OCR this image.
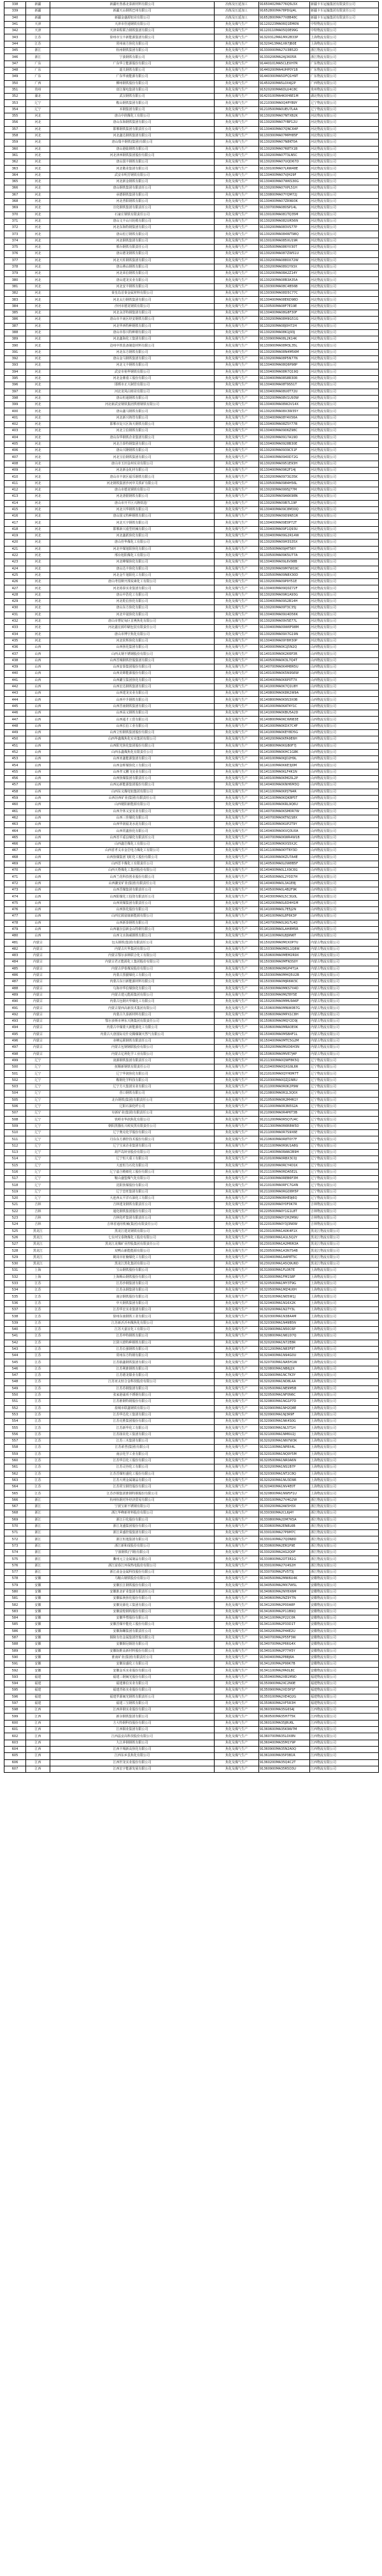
338	新疆	新疆吐鲁番北泰新材料有限公司	冶炼及压延加工	91650402MA776Q5L5X	新疆卡车运输集团有限责任公司
339	新疆	新疆天山钢铁巴州有限公司	冶炼及压延加工	91652800MA78PDGJ4L	新疆卡车运输集团有限责任公司
340	新疆	新疆金盛源铝业有限公司	冶炼及压延加工	91652800MA77X8B48C	新疆卡车运输集团有限责任公司
341	天津	天津市佳通钢铁有限公司	焦化及煤气生产	91120223MA06Q1EM0N	中特物流有限公司
342	天津	天津荣程联合钢铁集团有限公司	焦化及煤气生产	91120110MA05Q0E99G	中特物流有限公司
343	江苏	徐州市宝丰新能源集团有限公司	焦化及煤气生产	91320312MA1MX2B33P	上海物流有限公司
344	江苏	常州南方焦化有限公司	焦化及煤气生产	91320413MA1XR7JB0E	上海物流有限公司
345	浙江	杭州钢铁集团有限公司	焦化及煤气生产	91330000MA27U3B52D	浙江物流有限公司
346	浙江	宁波钢铁有限公司	焦化及煤气生产	91330206MA2AJ3K05R	浙江物流有限公司
347	广东	广东华立能源股份有限公司	焦化及煤气生产	91440101MA5CLEXH7R	广东物流有限公司
348	广东	韶关钢铁有限公司	焦化及煤气生产	91440200MA4UHP0Y1B	广东物流有限公司
349	广东	广东华南能源有限公司	焦化及煤气生产	91440300MA5DFQ1H9T	广东物流有限公司
350	广西	柳州钢铁股份有限公司	焦化及煤气生产	91450200MA5L0X4J2P	广西物流有限公司
351	贵州	盘江煤电集团有限公司	焦化及煤气生产	91520200MA6DLU4C8C	贵州物流有限公司
352	湖北	武汉钢铁有限公司	焦化及煤气生产	91420100MA4KXH6E1M	湖北物流有限公司
353	辽宁	鞍山钢铁集团有限公司	焦化及煤气生产	91210300MA0Q4PYB9Y	辽宁物流有限公司
354	辽宁	本钢集团有限公司	焦化及煤气生产	91210500MA0UEU7L4A	辽宁物流有限公司
355	河北	唐山中润煤化工有限公司	焦化及煤气生产	91130200MA07NTXB2K	河北物流有限公司
356	河北	唐山东海钢铁集团有限公司	焦化及煤气生产	91130200MA07YBP12U	河北物流有限公司
357	河北	邯郸钢铁集团有限责任公司	焦化及煤气生产	91130400MA07QNC64P	河北物流有限公司
358	河北	河北鑫达钢铁集团有限公司	焦化及煤气生产	91130300MA07MPH85F	河北物流有限公司
359	河北	唐山瑞丰钢铁(集团)有限公司	焦化及煤气生产	91130200MA07N8KT0A	河北物流有限公司
360	河北	唐山港陆钢铁有限公司	焦化及煤气生产	91130200MA07R8TX1B	河北物流有限公司
361	河北	河北津西钢铁集团股份有限公司	焦化及煤气生产	91130200MA07T3LN5C	河北物流有限公司
362	河北	唐山国丰钢铁有限公司	焦化及煤气生产	91130200MA07UQD67D	河北物流有限公司
363	河北	河北敬业集团有限公司	焦化及煤气生产	91130100MA07LRW48E	河北物流有限公司
364	河北	武安市明芳钢铁有限公司	焦化及煤气生产	91130400MA07VJH29F	河北物流有限公司
365	河北	河北新金钢铁有限公司	焦化及煤气生产	91130400MA07WKS30G	河北物流有限公司
366	河北	唐山钢铁集团有限责任公司	焦化及煤气生产	91130200MA07XPL51H	河北物流有限公司
367	河北	承德钢铁集团有限公司	焦化及煤气生产	91130800MA07YQM72J	河北物流有限公司
368	河北	河北普阳钢铁有限公司	焦化及煤气生产	91130400MA07ZRN93K	河北物流有限公司
369	河北	宣化钢铁集团有限责任公司	焦化及煤气生产	91130700MA080SP14L	河北物流有限公司
370	河北	石家庄钢铁有限责任公司	焦化及煤气生产	91130100MA081TQ35M	河北物流有限公司
371	河北	唐山文丰山川轮毂有限公司	焦化及煤气生产	91130200MA082UR56N	河北物流有限公司
372	河北	河北东海特钢集团有限公司	焦化及煤气生产	91130200MA083VS77P	河北物流有限公司
373	河北	唐山松汀钢铁有限公司	焦化及煤气生产	91130200MA084WT98Q	河北物流有限公司
374	河北	河北钢铁集团有限公司	焦化及煤气生产	91130100MA085XU19R	河北物流有限公司
375	河北	邢台钢铁有限责任公司	焦化及煤气生产	91130500MA086YV30T	河北物流有限公司
376	河北	唐山德龙钢铁有限公司	焦化及煤气生产	91130200MA087ZW51U	河北物流有限公司
377	河北	河北天柱钢铁集团有限公司	焦化及煤气生产	91130200MA0880X72W	河北物流有限公司
378	河北	唐山燕山钢铁有限公司	焦化及煤气生产	91130200MA0891Y93X	河北物流有限公司
379	河北	河北荣信钢铁有限公司	焦化及煤气生产	91130200MA08A2Z14Y	河北物流有限公司
380	河北	唐山建龙实业有限公司	焦化及煤气生产	91130200MA08B3A35A	河北物流有限公司
381	河北	河北安丰钢铁有限公司	焦化及煤气生产	91130300MA08C4B56B	河北物流有限公司
382	河北	秦皇岛首秦金属材料有限公司	焦化及煤气生产	91130300MA08D5C77C	河北物流有限公司
383	河北	河北太行钢铁集团有限公司	焦化及煤气生产	91130400MA08E6D98D	河北物流有限公司
384	河北	沙河市德龙钢铁有限公司	焦化及煤气生产	91130500MA08F7E19E	河北物流有限公司
385	河北	河北永洋特钢集团有限公司	焦化及煤气生产	91130400MA08G8F30F	河北物流有限公司
386	河北	唐山市丰南区经安钢铁有限公司	焦化及煤气生产	91130200MA08H9G51G	河北物流有限公司
387	河北	河北华西特种钢铁有限公司	焦化及煤气生产	91130200MA08J0H72H	河北物流有限公司
388	河北	唐山市春兴特种钢有限公司	焦化及煤气生产	91130200MA08K1J93J	河北物流有限公司
389	河北	河北鑫海化工集团有限公司	焦化及煤气生产	91130900MA08L2K14K	河北物流有限公司
390	河北	沧州中铁装备制造材料有限公司	焦化及煤气生产	91130900MA08M3L35L	河北物流有限公司
391	河北	河北东方钢铁有限公司	焦化及煤气生产	91130200MA08N4M56M	河北物流有限公司
392	河北	唐山金马钢铁集团有限公司	焦化及煤气生产	91130200MA08P5N77N	河北物流有限公司
393	河北	河北文丰钢铁有限公司	焦化及煤气生产	91130400MA08Q6P98P	河北物流有限公司
394	河北	武安市裕华钢铁有限公司	焦化及煤气生产	91130400MA08R7Q19Q	河北物流有限公司
395	河北	河北金鼎重工股份有限公司	焦化及煤气生产	91130400MA08S8R30R	河北物流有限公司
396	河北	邯郸市正大制管有限公司	焦化及煤气生产	91130400MA08T9S51T	河北物流有限公司
397	河北	河北龙凤山铸业有限公司	焦化及煤气生产	91130400MA08U0T72U	河北物流有限公司
398	河北	唐山恒通钢铁有限公司	焦化及煤气生产	91130200MA08V1U93W	河北物流有限公司
399	河北	河北新武安钢铁集团烘熔钢铁有限公司	焦化及煤气生产	91130400MA08W2V14X	河北物流有限公司
400	河北	唐山鑫马钢铁有限公司	焦化及煤气生产	91130200MA08X3W35Y	河北物流有限公司
401	河北	河北新兴铸管有限公司	焦化及煤气生产	91130400MA08Y4X56A	河北物流有限公司
402	河北	邯郸市复兴区海天钢铁有限公司	焦化及煤气生产	91130400MA08Z5Y77B	河北物流有限公司
403	河北	河北立信钢铁有限公司	焦化及煤气生产	91130400MA0906Z98C	河北物流有限公司
404	河北	唐山东华钢铁企业集团有限公司	焦化及煤气生产	91130200MA0917A19D	河北物流有限公司
405	河北	河北吉泰特钢集团有限公司	焦化及煤气生产	91130400MA0928B30E	河北物流有限公司
406	河北	唐山兴隆钢铁有限公司	焦化及煤气生产	91130200MA0939C51F	河北物流有限公司
407	河北	河北宝信钢铁集团有限公司	焦化及煤气生产	91130400MA0940D72G	河北物流有限公司
408	河北	唐山市玉田金州实业有限公司	焦化及煤气生产	91130200MA0951E93H	河北物流有限公司
409	河北	河北新金轧材有限公司	焦化及煤气生产	91130400MA0962F14J	河北物流有限公司
410	河北	唐山市丰润区福乐钢铁有限公司	焦化及煤气生产	91130200MA0973G35K	河北物流有限公司
411	河北	河北钢铁集团沙河中关铁矿有限公司	焦化及煤气生产	91130500MA0984H56L	河北物流有限公司
412	河北	唐山市德龙钢铁有限公司	焦化及煤气生产	91130200MA0995J77M	河北物流有限公司
413	河北	河北唐银钢铁有限公司	焦化及煤气生产	91130200MA09A6K98N	河北物流有限公司
414	河北	唐山市开平区兴隆铁选厂	焦化及煤气生产	91130200MA09B7L19P	河北物流有限公司
415	河北	河北兴华钢铁有限公司	焦化及煤气生产	91130400MA09C8M30Q	河北物流有限公司
416	河北	唐山国义特种钢铁有限公司	焦化及煤气生产	91130200MA09D9N51R	河北物流有限公司
417	河北	河北天宇钢铁有限公司	焦化及煤气生产	91130400MA09E0P72T	河北物流有限公司
418	河北	邯郸新兴重型机械有限公司	焦化及煤气生产	91130400MA09F1Q93U	河北物流有限公司
419	河北	河北鑫跃焦化有限公司	焦化及煤气生产	91130400MA09G2R14W	河北物流有限公司
420	河北	唐山佳华煤化工有限公司	焦化及煤气生产	91130200MA09H3S35X	河北物流有限公司
421	河北	河北中煤旭阳焦化有限公司	焦化及煤气生产	91130500MA09J4T56Y	河北物流有限公司
422	河北	邢台旭阳煤化工有限公司	焦化及煤气生产	91130500MA09K5U77A	河北物流有限公司
423	河北	河北峰煤焦化有限公司	焦化及煤气生产	91130400MA09L6V98B	河北物流有限公司
424	河北	唐山达丰焦化有限公司	焦化及煤气生产	91130200MA09M7W19C	河北物流有限公司
425	河北	河北金牛旭阳化工有限公司	焦化及煤气生产	91130500MA09N8X30D	河北物流有限公司
426	河北	唐山考伯斯开滦炭素化工有限公司	焦化及煤气生产	91130200MA09P9Y51E	河北物流有限公司
427	河北	河北裕泰实业集团有限公司	焦化及煤气生产	91130400MA09Q0Z72F	河北物流有限公司
428	河北	唐山中浩化工有限公司	焦化及煤气生产	91130200MA09R1A93G	河北物流有限公司
429	河北	河北乾信焦化有限公司	焦化及煤气生产	91130400MA09S2B14H	河北物流有限公司
430	河北	唐山东方焦化有限公司	焦化及煤气生产	91130200MA09T3C35J	河北物流有限公司
431	河北	河北中晟焦化有限公司	焦化及煤气生产	91130400MA09U4D56K	河北物流有限公司
432	河北	唐山市曹妃甸区首燕焦化有限公司	焦化及煤气生产	91130200MA09V5E77L	河北物流有限公司
433	河北	河北鑫宏源印刷包装有限责任公司	焦化及煤气生产	91130400MA09W6F98M	河北物流有限公司
434	河北	唐山市博宇焦化有限公司	焦化及煤气生产	91130200MA09X7G19N	河北物流有限公司
435	河北	河北炫辉焦化有限公司	焦化及煤气生产	91130400MA09Y8H30P	河北物流有限公司
436	山西	山西焦化集团有限公司	焦化及煤气生产	91140000MA0K1J5N2Q	山西物流有限公司
437	山西	山西太钢不锈钢股份有限公司	焦化及煤气生产	91140100MA0K2K6P3R	山西物流有限公司
438	山西	山西晋城钢铁控股集团有限公司	焦化及煤气生产	91140500MA0K3L7Q4T	山西物流有限公司
439	山西	山西安泰集团股份有限公司	焦化及煤气生产	91140700MA0K4M8R5U	山西物流有限公司
440	山西	山西美锦能源股份有限公司	焦化及煤气生产	91140100MA0K5N9S6W	山西物流有限公司
441	山西	山西潞宝集团焦化有限公司	焦化及煤气生产	91140400MA0K6P0T7X	山西物流有限公司
442	山西	山西宏达钢铁集团有限公司	焦化及煤气生产	91141000MA0K7Q1U8Y	山西物流有限公司
443	山西	山西建龙实业有限公司	焦化及煤气生产	91140800MA0K8R2W9A	山西物流有限公司
444	山西	山西中升钢铁有限公司	焦化及煤气生产	91140800MA0K9S3X0B	山西物流有限公司
445	山西	山西晋南钢铁集团有限公司	焦化及煤气生产	91141000MA0KAT4Y1C	山西物流有限公司
446	山西	山西高义钢铁有限公司	焦化及煤气生产	91141000MA0KBU5A2D	山西物流有限公司
447	山西	山西通才工贸有限公司	焦化及煤气生产	91140800MA0KCW6B3E	山西物流有限公司
448	山西	山西长信工业有限公司	焦化及煤气生产	91141000MA0KDX7C4F	山西物流有限公司
449	山西	山西立恒钢铁集团股份有限公司	焦化及煤气生产	91141000MA0KEY8D5G	山西物流有限公司
450	山西	山西华鑫煤焦化实业集团有限公司	焦化及煤气生产	91140200MA0KFA9E6H	山西物流有限公司
451	山西	山西阳光焦化集团股份有限公司	焦化及煤气生产	91140800MA0KGB0F7J	山西物流有限公司
452	山西	山西永鑫煤焦化有限责任公司	焦化及煤气生产	91141000MA0KHC1G8K	山西物流有限公司
453	山西	山西亚鑫能源集团有限公司	焦化及煤气生产	91140100MA0KJD2H9L	山西物流有限公司
454	山西	山西金晖煤焦化工有限公司	焦化及煤气生产	91141100MA0KKE3J0M	山西物流有限公司
455	山西	山西孝义鹏飞实业有限公司	焦化及煤气生产	91141100MA0KLF4K1N	山西物流有限公司
456	山西	山西焦煤集团有限责任公司	焦化及煤气生产	91140100MA0KMG5L2P	山西物流有限公司
457	山西	山西沁新能源集团股份有限公司	焦化及煤气生产	91140400MA0KNH6M3Q	山西物流有限公司
458	山西	山西东义煤电铝集团有限公司	焦化及煤气生产	91141100MA0KPJ7N4R	山西物流有限公司
459	山西	山西汾西矿业(集团)有限责任公司	焦化及煤气生产	91141100MA0KQK8P5T	山西物流有限公司
460	山西	山西梗阳新能源有限公司	焦化及煤气生产	91140100MA0KRL9Q6U	山西物流有限公司
461	山西	山西介休义安实业有限公司	焦化及煤气生产	91140700MA0KSM0R7W	山西物流有限公司
462	山西	山西三佳煤化有限公司	焦化及煤气生产	91140700MA0KTN1S8X	山西物流有限公司
463	山西	山西华润福龙水泥有限公司	焦化及煤气生产	91140100MA0KUP2T9Y	山西物流有限公司
464	山西	山西常鑫焦化有限公司	焦化及煤气生产	91140400MA0KVQ3U0A	山西物流有限公司
465	山西	山西省平遥县煤化有限责任公司	焦化及煤气生产	91140700MA0KWR4W1B	山西物流有限公司
466	山西	山西鑫岩煤化工有限公司	焦化及煤气生产	91141100MA0KXS5X2C	山西物流有限公司
467	山西	山西省孝义市金岩电力煤化工有限公司	焦化及煤气生产	91141100MA0KYT6Y3D	山西物流有限公司
468	山西	山西焦煤集团飞虹化工股份有限公司	焦化及煤气生产	91141000MA0KZU7A4E	山西物流有限公司
469	山西	山西晋丰煤化工有限责任公司	焦化及煤气生产	91140500MA0L0W8B5F	山西物流有限公司
470	山西	山西天脊煤化工集团股份有限公司	焦化及煤气生产	91140400MA0L1X9C6G	山西物流有限公司
471	山西	山西兰花科技创业股份有限公司	焦化及煤气生产	91140500MA0L2Y0D7H	山西物流有限公司
472	山西	山西潞安矿业(集团)有限责任公司	焦化及煤气生产	91140400MA0L3A1E8J	山西物流有限公司
473	山西	山西晋煤集团有限责任公司	焦化及煤气生产	91140500MA0L4B2F9K	山西物流有限公司
474	山西	山西阳煤化工投资有限责任公司	焦化及煤气生产	91140300MA0L5C3G0L	山西物流有限公司
475	山西	山西同煤集团有限责任公司	焦化及煤气生产	91140200MA0L6D4H1M	山西物流有限公司
476	山西	山西焦化股份有限公司	焦化及煤气生产	91141000MA0L7E5J2N	山西物流有限公司
477	山西	山西宏源富康新能源有限公司	焦化及煤气生产	91140100MA0L8F6K3P	山西物流有限公司
478	山西	山西新泰钢铁有限公司	焦化及煤气生产	91140700MA0L9G7L4Q	山西物流有限公司
479	山西	山西襄汾县新金山特钢有限公司	焦化及煤气生产	91141000MA0LAH8M5R	山西物流有限公司
480	山西	山西文水海威钢铁有限公司	焦化及煤气生产	91141100MA0LBJ9N6T	山西物流有限公司
481	内蒙古	包头钢铁(集团)有限责任公司	焦化及煤气生产	91150200MA0MCK0P7U	内蒙古物流有限公司
482	内蒙古	内蒙古庆华集团有限公司	焦化及煤气生产	91150300MA0MDL1Q8W	内蒙古物流有限公司
483	内蒙古	内蒙古鄂尔多斯联合化工有限公司	焦化及煤气生产	91150600MA0MEM2R9X	内蒙古物流有限公司
484	内蒙古	内蒙古君正能源化工集团股份有限公司	焦化及煤气生产	91150300MA0MFN3S0Y	内蒙古物流有限公司
485	内蒙古	内蒙古伊泰煤炭股份有限公司	焦化及煤气生产	91150600MA0MGP4T1A	内蒙古物流有限公司
486	内蒙古	内蒙古黑猫煤化工有限公司	焦化及煤气生产	91150300MA0MHQ5U2B	内蒙古物流有限公司
487	内蒙古	内蒙古东日新能源材料有限公司	焦化及煤气生产	91150300MA0MJR6W3C	内蒙古物流有限公司
488	内蒙古	乌海市华信煤焦化有限公司	焦化及煤气生产	91150300MA0MKS7X4D	内蒙古物流有限公司
489	内蒙古	内蒙古建元能源集团有限公司	焦化及煤气生产	91150300MA0MLT8Y5E	内蒙古物流有限公司
490	内蒙古	内蒙古包钢庆华煤化工有限公司	焦化及煤气生产	91150200MA0MMU9A6F	内蒙古物流有限公司
491	内蒙古	内蒙古蒙西高新技术集团有限公司	焦化及煤气生产	91150600MA0MNW0B7G	内蒙古物流有限公司
492	内蒙古	内蒙古久泰新材料有限公司	焦化及煤气生产	91150600MA0MPX1C8H	内蒙古物流有限公司
493	内蒙古	鄂尔多斯市神东天隆集团有限责任公司	焦化及煤气生产	91150600MA0MQY2D9J	内蒙古物流有限公司
494	内蒙古	内蒙古中煤蒙大新能源化工有限公司	焦化及煤气生产	91150600MA0MRA3E0K	内蒙古物流有限公司
495	内蒙古	内蒙古大唐国际克什克腾煤制天然气有限公司	焦化及煤气生产	91150400MA0MSB4F1L	内蒙古物流有限公司
496	内蒙古	赤峰远联钢铁有限责任公司	焦化及煤气生产	91150400MA0MTC5G2M	内蒙古物流有限公司
497	内蒙古	内蒙古包钢钢联股份有限公司	焦化及煤气生产	91150200MA0MUD6H3N	内蒙古物流有限公司
498	内蒙古	内蒙古亿利化学工业有限公司	焦化及煤气生产	91150600MA0MVE7J4P	内蒙古物流有限公司
499	辽宁	凌源钢铁集团有限责任公司	焦化及煤气生产	91211300MA0QWF8K5Q	辽宁物流有限公司
500	辽宁	抚顺新钢铁有限责任公司	焦化及煤气生产	91210400MA0QXG9L6R	辽宁物流有限公司
501	辽宁	辽宁华润焦化有限公司	焦化及煤气生产	91210100MA0QYH0M7T	辽宁物流有限公司
502	辽宁	鞍钢化学科技有限公司	焦化及煤气生产	91210300MA0QZJ1N8U	辽宁物流有限公司
503	辽宁	辽宁方大集团实业有限公司	焦化及煤气生产	91211000MA0R0K2P9W	辽宁物流有限公司
504	辽宁	营口钢铁有限公司	焦化及煤气生产	91210800MA0R1L3Q0X	辽宁物流有限公司
505	辽宁	北台钢铁(集团)有限责任公司	焦化及煤气生产	91210500MA0R2M4R1Y	辽宁物流有限公司
506	辽宁	辽阳石油化纤公司	焦化及煤气生产	91211000MA0R3N5S2A	辽宁物流有限公司
507	辽宁	阜新矿业(集团)有限责任公司	焦化及煤气生产	91210900MA0R4P6T3B	辽宁物流有限公司
508	辽宁	铁岭市华润焦化有限公司	焦化及煤气生产	91211200MA0R5Q7U4C	辽宁物流有限公司
509	辽宁	朝阳黑猫伍兴岐炭黑有限责任公司	焦化及煤气生产	91211300MA0R6R8W5D	辽宁物流有限公司
510	辽宁	辽宁奥克化学股份有限公司	焦化及煤气生产	91211000MA0R7S9X6E	辽宁物流有限公司
511	辽宁	丹东东方测控技术股份有限公司	焦化及煤气生产	91210600MA0R8T0Y7F	辽宁物流有限公司
512	辽宁	辽宁宝来企业集团有限公司	焦化及煤气生产	91211100MA0R9U1A8G	辽宁物流有限公司
513	辽宁	葫芦岛锌业股份有限公司	焦化及煤气生产	91211400MA0RAW2B9H	辽宁物流有限公司
514	辽宁	辽宁恒大重工有限公司	焦化及煤气生产	91210100MA0RBX3C0J	辽宁物流有限公司
515	辽宁	大连恒力石化有限公司	焦化及煤气生产	91210200MA0RCY4D1K	辽宁物流有限公司
516	辽宁	辽宁嘉合精细化工股份有限公司	焦化及煤气生产	91211100MA0RDA5E2L	辽宁物流有限公司
517	辽宁	鞍山盛盟煤气化有限公司	焦化及煤气生产	91210300MA0REB6F3M	辽宁物流有限公司
518	辽宁	沈阳焦煤股份有限公司	焦化及煤气生产	91210100MA0RFC7G4N	辽宁物流有限公司
519	辽宁	辽宁忠旺集团有限公司	焦化及煤气生产	91211000MA0RGD8H5P	辽宁物流有限公司
520	辽宁	大连西太平洋石油化工有限公司	焦化及煤气生产	91210200MA0RHE9J6Q	辽宁物流有限公司
521	吉林	吉林建龙钢铁有限责任公司	焦化及煤气生产	91220200MA0Y0F0K7R	吉林物流有限公司
522	吉林	通化钢铁集团股份有限公司	焦化及煤气生产	91220500MA0Y1G1L8T	吉林物流有限公司
523	吉林	吉林化纤集团有限责任公司	焦化及煤气生产	91220200MA0Y2H2M9U	吉林物流有限公司
524	吉林	吉林省通用机械(集团)有限责任公司	焦化及煤气生产	91220100MA0Y3J3N0W	吉林物流有限公司
525	黑龙江	黑龙江建龙钢铁有限公司	焦化及煤气生产	91230100MA1A0K4P1X	黑龙江物流有限公司
526	黑龙江	七台河宝泰隆煤化工股份有限公司	焦化及煤气生产	91230900MA1A1L5Q2Y	黑龙江物流有限公司
527	黑龙江	黑龙江龙煤矿业控股集团有限责任公司	焦化及煤气生产	91230100MA1A2M6R3A	黑龙江物流有限公司
528	黑龙江	双鸭山新能能源有限公司	焦化及煤气生产	91230500MA1A3N7S4B	黑龙江物流有限公司
529	黑龙江	鹤岗市征楠煤化工有限公司	焦化及煤气生产	91230400MA1A4P8T5C	黑龙江物流有限公司
530	黑龙江	黑龙江黑化集团有限公司	焦化及煤气生产	91230200MA1A5Q9U6D	黑龙江物流有限公司
531	上海	宝山钢铁股份有限公司	焦化及煤气生产	91310000MA1FL0R7E	上海物流有限公司
532	上海	上海梅山钢铁股份有限公司	焦化及煤气生产	91310000MA1FM1S8F	上海物流有限公司
533	江苏	江苏沙钢集团有限公司	焦化及煤气生产	91320500MA1MY3T9G	上海物流有限公司
534	江苏	江苏永钢集团有限公司	焦化及煤气生产	91320500MA1MZ4U0H	上海物流有限公司
535	江苏	南京钢铁股份有限公司	焦化及煤气生产	91320100MA1N05W1J	上海物流有限公司
536	江苏	中天钢铁集团有限公司	焦化及煤气生产	91320400MA1N16X2K	上海物流有限公司
537	江苏	江苏华宏实业集团有限公司	焦化及煤气生产	91320200MA1N27Y3L	上海物流有限公司
538	江苏	徐州东南钢铁工业有限公司	焦化及煤气生产	91320300MA1N38A4M	上海物流有限公司
539	江苏	江苏新沂沂州煤焦化有限公司	焦化及煤气生产	91320300MA1N49B5N	上海物流有限公司
540	江苏	江苏天嘉宜化工有限公司	焦化及煤气生产	91320900MA1N50C6P	上海物流有限公司
541	江苏	江苏申特钢铁有限公司	焦化及煤气生产	91320800MA1N61D7Q	上海物流有限公司
542	江苏	江阴兴澄特种钢铁有限公司	焦化及煤气生产	91320200MA1N72E8R	上海物流有限公司
543	江苏	江苏长强钢铁有限公司	焦化及煤气生产	91321200MA1N83F9T	上海物流有限公司
544	江苏	常州东方特钢有限公司	焦化及煤气生产	91320400MA1N94G0U	上海物流有限公司
545	江苏	江苏镔鑫钢铁集团有限公司	焦化及煤气生产	91320700MA1NA5H1W	上海物流有限公司
546	江苏	江苏利淮钢铁有限公司	焦化及煤气生产	91320800MA1NB6J2X	上海物流有限公司
547	江苏	江苏德龙镍业有限公司	焦化及煤气生产	91320900MA1NC7K3Y	上海物流有限公司
548	江苏	江苏亚太轻合金科技股份有限公司	焦化及煤气生产	91320200MA1ND8L4A	上海物流有限公司
549	江苏	江苏苏钢集团有限公司	焦化及煤气生产	91320500MA1NE9M5B	上海物流有限公司
550	江苏	张家港浦项不锈钢有限公司	焦化及煤气生产	91320500MA1NF0N6C	上海物流有限公司
551	江苏	江苏淮钢特钢股份有限公司	焦化及煤气生产	91320800MA1NG1P7D	上海物流有限公司
552	江苏	盐城市联鑫钢铁有限公司	焦化及煤气生产	91320900MA1NH2Q8E	上海物流有限公司
553	江苏	江苏华达化工集团有限公司	焦化及煤气生产	91320900MA1NJ3R9F	上海物流有限公司
554	江苏	江苏克胜集团股份有限公司	焦化及煤气生产	91320900MA1NK4S0G	上海物流有限公司
555	江苏	江苏新华化工有限公司	焦化及煤气生产	91320900MA1NL5T1H	上海物流有限公司
556	江苏	江苏扬农化工集团有限公司	焦化及煤气生产	91321000MA1NM6U2J	上海物流有限公司
557	江苏	江苏三木集团有限公司	焦化及煤气生产	91320200MA1NN7W3K	上海物流有限公司
558	江苏	江苏索普(集团)有限公司	焦化及煤气生产	91321100MA1NP8X4L	上海物流有限公司
559	江苏	南京化学工业有限公司	焦化及煤气生产	91320100MA1NQ9Y5M	上海物流有限公司
560	江苏	江苏华昌化工股份有限公司	焦化及煤气生产	91320500MA1NR0A6N	上海物流有限公司
561	江苏	江苏灵谷化工有限公司	焦化及煤气生产	91320200MA1NS1B7P	上海物流有限公司
562	江苏	江苏晋煤恒盛化工股份有限公司	焦化及煤气生产	91320300MA1NT2C8Q	上海物流有限公司
563	江苏	江苏大明金属制品有限公司	焦化及煤气生产	91320200MA1NU3D9R	上海物流有限公司
564	江苏	江苏常宝钢管股份有限公司	焦化及煤气生产	91320400MA1NV4E0T	上海物流有限公司
565	江苏	江苏沙钢集团淮钢特钢股份有限公司	焦化及煤气生产	91320800MA1NW5F1U	上海物流有限公司
566	浙江	杭州杭钢对外经济贸易有限公司	焦化及煤气生产	91330100MA27V4G2W	浙江物流有限公司
567	浙江	宁波宝新不锈钢有限公司	焦化及煤气生产	91330200MA2AK5H3X	浙江物流有限公司
568	浙江	浙江华峰新材料股份有限公司	焦化及煤气生产	91330300MA2CL6J4Y	浙江物流有限公司
569	浙江	浙江巨化股份有限公司	焦化及煤气生产	91330800MA2DM7K5A	浙江物流有限公司
570	浙江	浙江龙盛集团股份有限公司	焦化及煤气生产	91330600MA2EN8L6B	浙江物流有限公司
571	浙江	浙江荣盛控股集团有限公司	焦化及煤气生产	91330100MA27P9M7C	浙江物流有限公司
572	浙江	浙江恒逸集团有限公司	焦化及煤气生产	91330100MA27Q0N8D	浙江物流有限公司
573	浙江	浙江新和成股份有限公司	焦化及煤气生产	91330600MA2ER1P9E	浙江物流有限公司
574	浙江	宁波钢铁(宁钢)有限公司	焦化及煤气生产	91330200MA2AS2Q0F	浙江物流有限公司
575	浙江	衢州元立金属制品有限公司	焦化及煤气生产	91330800MA2DT3R1G	浙江物流有限公司
576	浙江	浙江富春江环保热电股份有限公司	焦化及煤气生产	91330100MA27U4S2H	浙江物流有限公司
577	浙江	浙江甬金金属科技股份有限公司	焦化及煤气生产	91330700MA2FV5T3J	浙江物流有限公司
578	安徽	马鞍山钢铁股份有限公司	焦化及煤气生产	91340500MA2MW6U4K	安徽物流有限公司
579	安徽	安徽长江钢铁股份有限公司	焦化及煤气生产	91340500MA2MX7W5L	安徽物流有限公司
580	安徽	安徽淮北矿业集团有限责任公司	焦化及煤气生产	91340600MA2NY8X6M	安徽物流有限公司
581	安徽	安徽临涣焦化股份有限公司	焦化及煤气生产	91340600MA2NZ9Y7N	安徽物流有限公司
582	安徽	安徽昊源化工集团有限公司	焦化及煤气生产	91341200MA2P00A8P	安徽物流有限公司
583	安徽	安徽富煌钢构股份有限公司	焦化及煤气生产	91341600MA2P11B9Q	安徽物流有限公司
584	安徽	安徽华塑股份有限公司	焦化及煤气生产	91341100MA2P22C0R	安徽物流有限公司
585	安徽	安徽晋煤中能化工股份有限公司	焦化及煤气生产	91341100MA2P33D1T	安徽物流有限公司
586	安徽	安徽海螺集团有限责任公司	焦化及煤气生产	91340200MA2P44E2U	安徽物流有限公司
587	安徽	铜陵有色金属集团控股有限公司	焦化及煤气生产	91340700MA2P55F3W	安徽物流有限公司
588	安徽	安徽铜冠铜箔有限公司	焦化及煤气生产	91340700MA2P66G4X	安徽物流有限公司
589	安徽	安徽皖维高新材料股份有限公司	焦化及煤气生产	91340100MA2P77H5Y	安徽物流有限公司
590	安徽	淮南矿业(集团)有限责任公司	焦化及煤气生产	91340400MA2P88J6A	安徽物流有限公司
591	安徽	安徽泉盛化工有限公司	焦化及煤气生产	91341200MA2P99K7B	安徽物流有限公司
592	安徽	安徽金禾实业股份有限公司	焦化及煤气生产	91341100MA2PA0L8C	安徽物流有限公司
593	福建	福建三钢闽光股份有限公司	焦化及煤气生产	91350400MA2XB1M9D	福建物流有限公司
594	福建	福建鼎信实业有限公司	焦化及煤气生产	91350900MA2XC2N0E	福建物流有限公司
595	福建	福建青拓实业股份有限公司	焦化及煤气生产	91350900MA2XD3P1F	福建物流有限公司
596	福建	福建罗源闽光钢铁有限责任公司	焦化及煤气生产	91350100MA2XE4Q2G	福建物流有限公司
597	福建	福建三宝钢铁有限公司	焦化及煤气生产	91350600MA2XF5R3H	福建物流有限公司
598	江西	江西萍钢实业股份有限公司	焦化及煤气生产	91360300MA35G6S4J	江西物流有限公司
599	江西	新余钢铁集团有限公司	焦化及煤气生产	91360500MA35H7T5K	江西物流有限公司
600	江西	方大特钢科技股份有限公司	焦化及煤气生产	91360100MA35J8U6L	江西物流有限公司
601	江西	江西铜业集团有限公司	焦化及煤气生产	91360600MA35K9W7M	江西物流有限公司
602	江西	江西晶安高科技股份有限公司	焦化及煤气生产	91360700MA35L0X8N	江西物流有限公司
603	江西	九江萍钢钢铁有限公司	焦化及煤气生产	91360400MA35M1Y9P	江西物流有限公司
604	江西	江西丰城新高焦化有限公司	焦化及煤气生产	91360900MA35N2A0Q	江西物流有限公司
605	江西	江西东乡县焦化有限公司	焦化及煤气生产	91361000MA35P3B1R	江西物流有限公司
606	江西	江西世龙实业股份有限公司	焦化及煤气生产	91360200MA35Q4C2T	江西物流有限公司
607	江西	江西宏宇能源发展有限公司	焦化及煤气生产	91360900MA35R5D3U	江西物流有限公司
